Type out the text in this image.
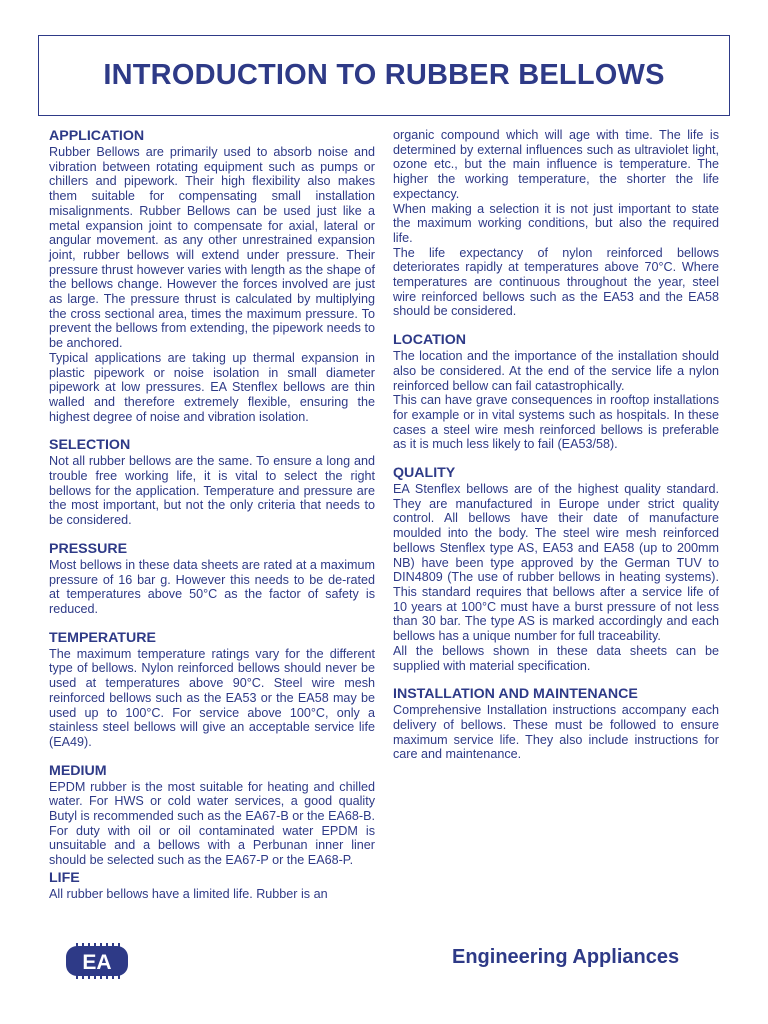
INTRODUCTION TO RUBBER BELLOWS
APPLICATION

Rubber Bellows are primarily used to absorb noise and vibration between rotating equipment such as pumps or chillers and pipework. Their high flexibility also makes them suitable for compensating small installation misalignments. Rubber Bellows can be used just like a metal expansion joint to compensate for axial, lateral or angular movement. as any other unrestrained expansion joint, rubber bellows will extend under pressure. Their pressure thrust however varies with length as the shape of the bellows change. However the forces involved are just as large. The pressure thrust is calculated by multiplying the cross sectional area, times the maximum pressure. To prevent the bellows from extending, the pipework needs to be anchored.

Typical applications are taking up thermal expansion in plastic pipework or noise isolation in small diameter pipework at low pressures. EA Stenflex bellows are thin walled and therefore extremely flexible, ensuring the highest degree of noise and vibration isolation.

SELECTION

Not all rubber bellows are the same. To ensure a long and trouble free working life, it is vital to select the right bellows for the application. Temperature and pressure are the most important, but not the only criteria that needs to be considered.

PRESSURE

Most bellows in these data sheets are rated at a maximum pressure of 16 bar g. However this needs to be de-rated at temperatures above 50°C as the factor of safety is reduced.

TEMPERATURE

The maximum temperature ratings vary for the different type of bellows. Nylon reinforced bellows should never be used at temperatures above 90°C. Steel wire mesh reinforced bellows such as the EA53 or the EA58 may be used up to 100°C. For service above 100°C, only a stainless steel bellows will give an acceptable service life (EA49).

MEDIUM

EPDM rubber is the most suitable for heating and chilled water. For HWS or cold water services, a good quality Butyl is recommended such as the EA67-B or the EA68-B. For duty with oil or oil contaminated water EPDM is unsuitable and a bellows with a Perbunan inner liner should be selected such as the EA67-P or the EA68-P.

LIFE

All rubber bellows have a limited life. Rubber is an

organic compound which will age with time. The life is determined by external influences such as ultraviolet light, ozone etc., but the main influence is temperature. The higher the working temperature, the shorter the life expectancy.

When making a selection it is not just important to state the maximum working conditions, but also the required life.

The life expectancy of nylon reinforced bellows deteriorates rapidly at temperatures above 70°C. Where temperatures are continuous throughout the year, steel wire reinforced bellows such as the EA53 and the EA58 should be considered.

LOCATION

The location and the importance of the installation should also be considered. At the end of the service life a nylon reinforced bellow can fail catastrophically.

This can have grave consequences in rooftop installations for example or in vital systems such as hospitals. In these cases a steel wire mesh reinforced bellows is preferable as it is much less likely to fail (EA53/58).

QUALITY

EA Stenflex bellows are of the highest quality standard. They are manufactured in Europe under strict quality control. All bellows have their date of manufacture moulded into the body. The steel wire mesh reinforced bellows Stenflex type AS, EA53 and EA58 (up to 200mm NB) have been type approved by the German TUV to DIN4809 (The use of rubber bellows in heating systems). This standard requires that bellows after a service life of 10 years at 100°C must have a burst pressure of not less than 30 bar. The type AS is marked accordingly and each bellows has a unique number for full traceability.

All the bellows shown in these data sheets can be supplied with material specification.

INSTALLATION AND MAINTENANCE

Comprehensive Installation instructions accompany each delivery of bellows. These must be followed to ensure maximum service life. They also include instructions for care and maintenance.

EA	Engineering Appliances
